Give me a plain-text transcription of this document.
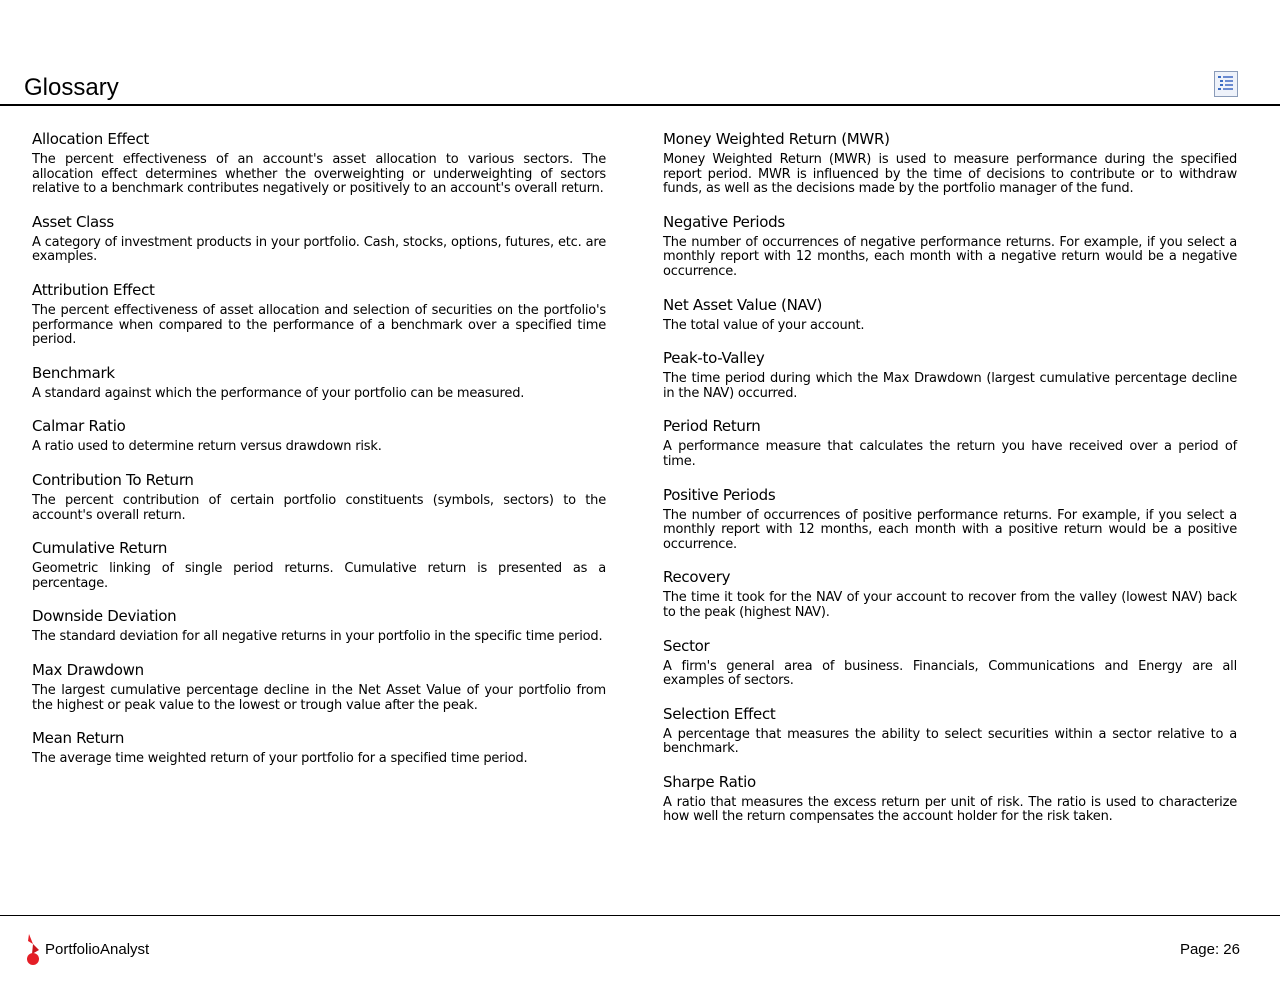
Glossary
Allocation Effect
The percent effectiveness of an account's asset allocation to various sectors. The allocation effect determines whether the overweighting or underweighting of sectors relative to a benchmark contributes negatively or positively to an account's overall return.
Asset Class
A category of investment products in your portfolio. Cash, stocks, options, futures, etc. are examples.
Attribution Effect
The percent effectiveness of asset allocation and selection of securities on the portfolio's performance when compared to the performance of a benchmark over a specified time period.
Benchmark
A standard against which the performance of your portfolio can be measured.
Calmar Ratio
A ratio used to determine return versus drawdown risk.
Contribution To Return
The percent contribution of certain portfolio constituents (symbols, sectors) to the account's overall return.
Cumulative Return
Geometric linking of single period returns. Cumulative return is presented as a percentage.
Downside Deviation
The standard deviation for all negative returns in your portfolio in the specific time period.
Max Drawdown
The largest cumulative percentage decline in the Net Asset Value of your portfolio from the highest or peak value to the lowest or trough value after the peak.
Mean Return
The average time weighted return of your portfolio for a specified time period.
Money Weighted Return (MWR)
Money Weighted Return (MWR) is used to measure performance during the specified report period. MWR is influenced by the time of decisions to contribute or to withdraw funds, as well as the decisions made by the portfolio manager of the fund.
Negative Periods
The number of occurrences of negative performance returns. For example, if you select a monthly report with 12 months, each month with a negative return would be a negative occurrence.
Net Asset Value (NAV)
The total value of your account.
Peak-to-Valley
The time period during which the Max Drawdown (largest cumulative percentage decline in the NAV) occurred.
Period Return
A performance measure that calculates the return you have received over a period of time.
Positive Periods
The number of occurrences of positive performance returns. For example, if you select a monthly report with 12 months, each month with a positive return would be a positive occurrence.
Recovery
The time it took for the NAV of your account to recover from the valley (lowest NAV) back to the peak (highest NAV).
Sector
A firm's general area of business. Financials, Communications and Energy are all examples of sectors.
Selection Effect
A percentage that measures the ability to select securities within a sector relative to a benchmark.
Sharpe Ratio
A ratio that measures the excess return per unit of risk. The ratio is used to characterize how well the return compensates the account holder for the risk taken.
PortfolioAnalyst	Page: 26
